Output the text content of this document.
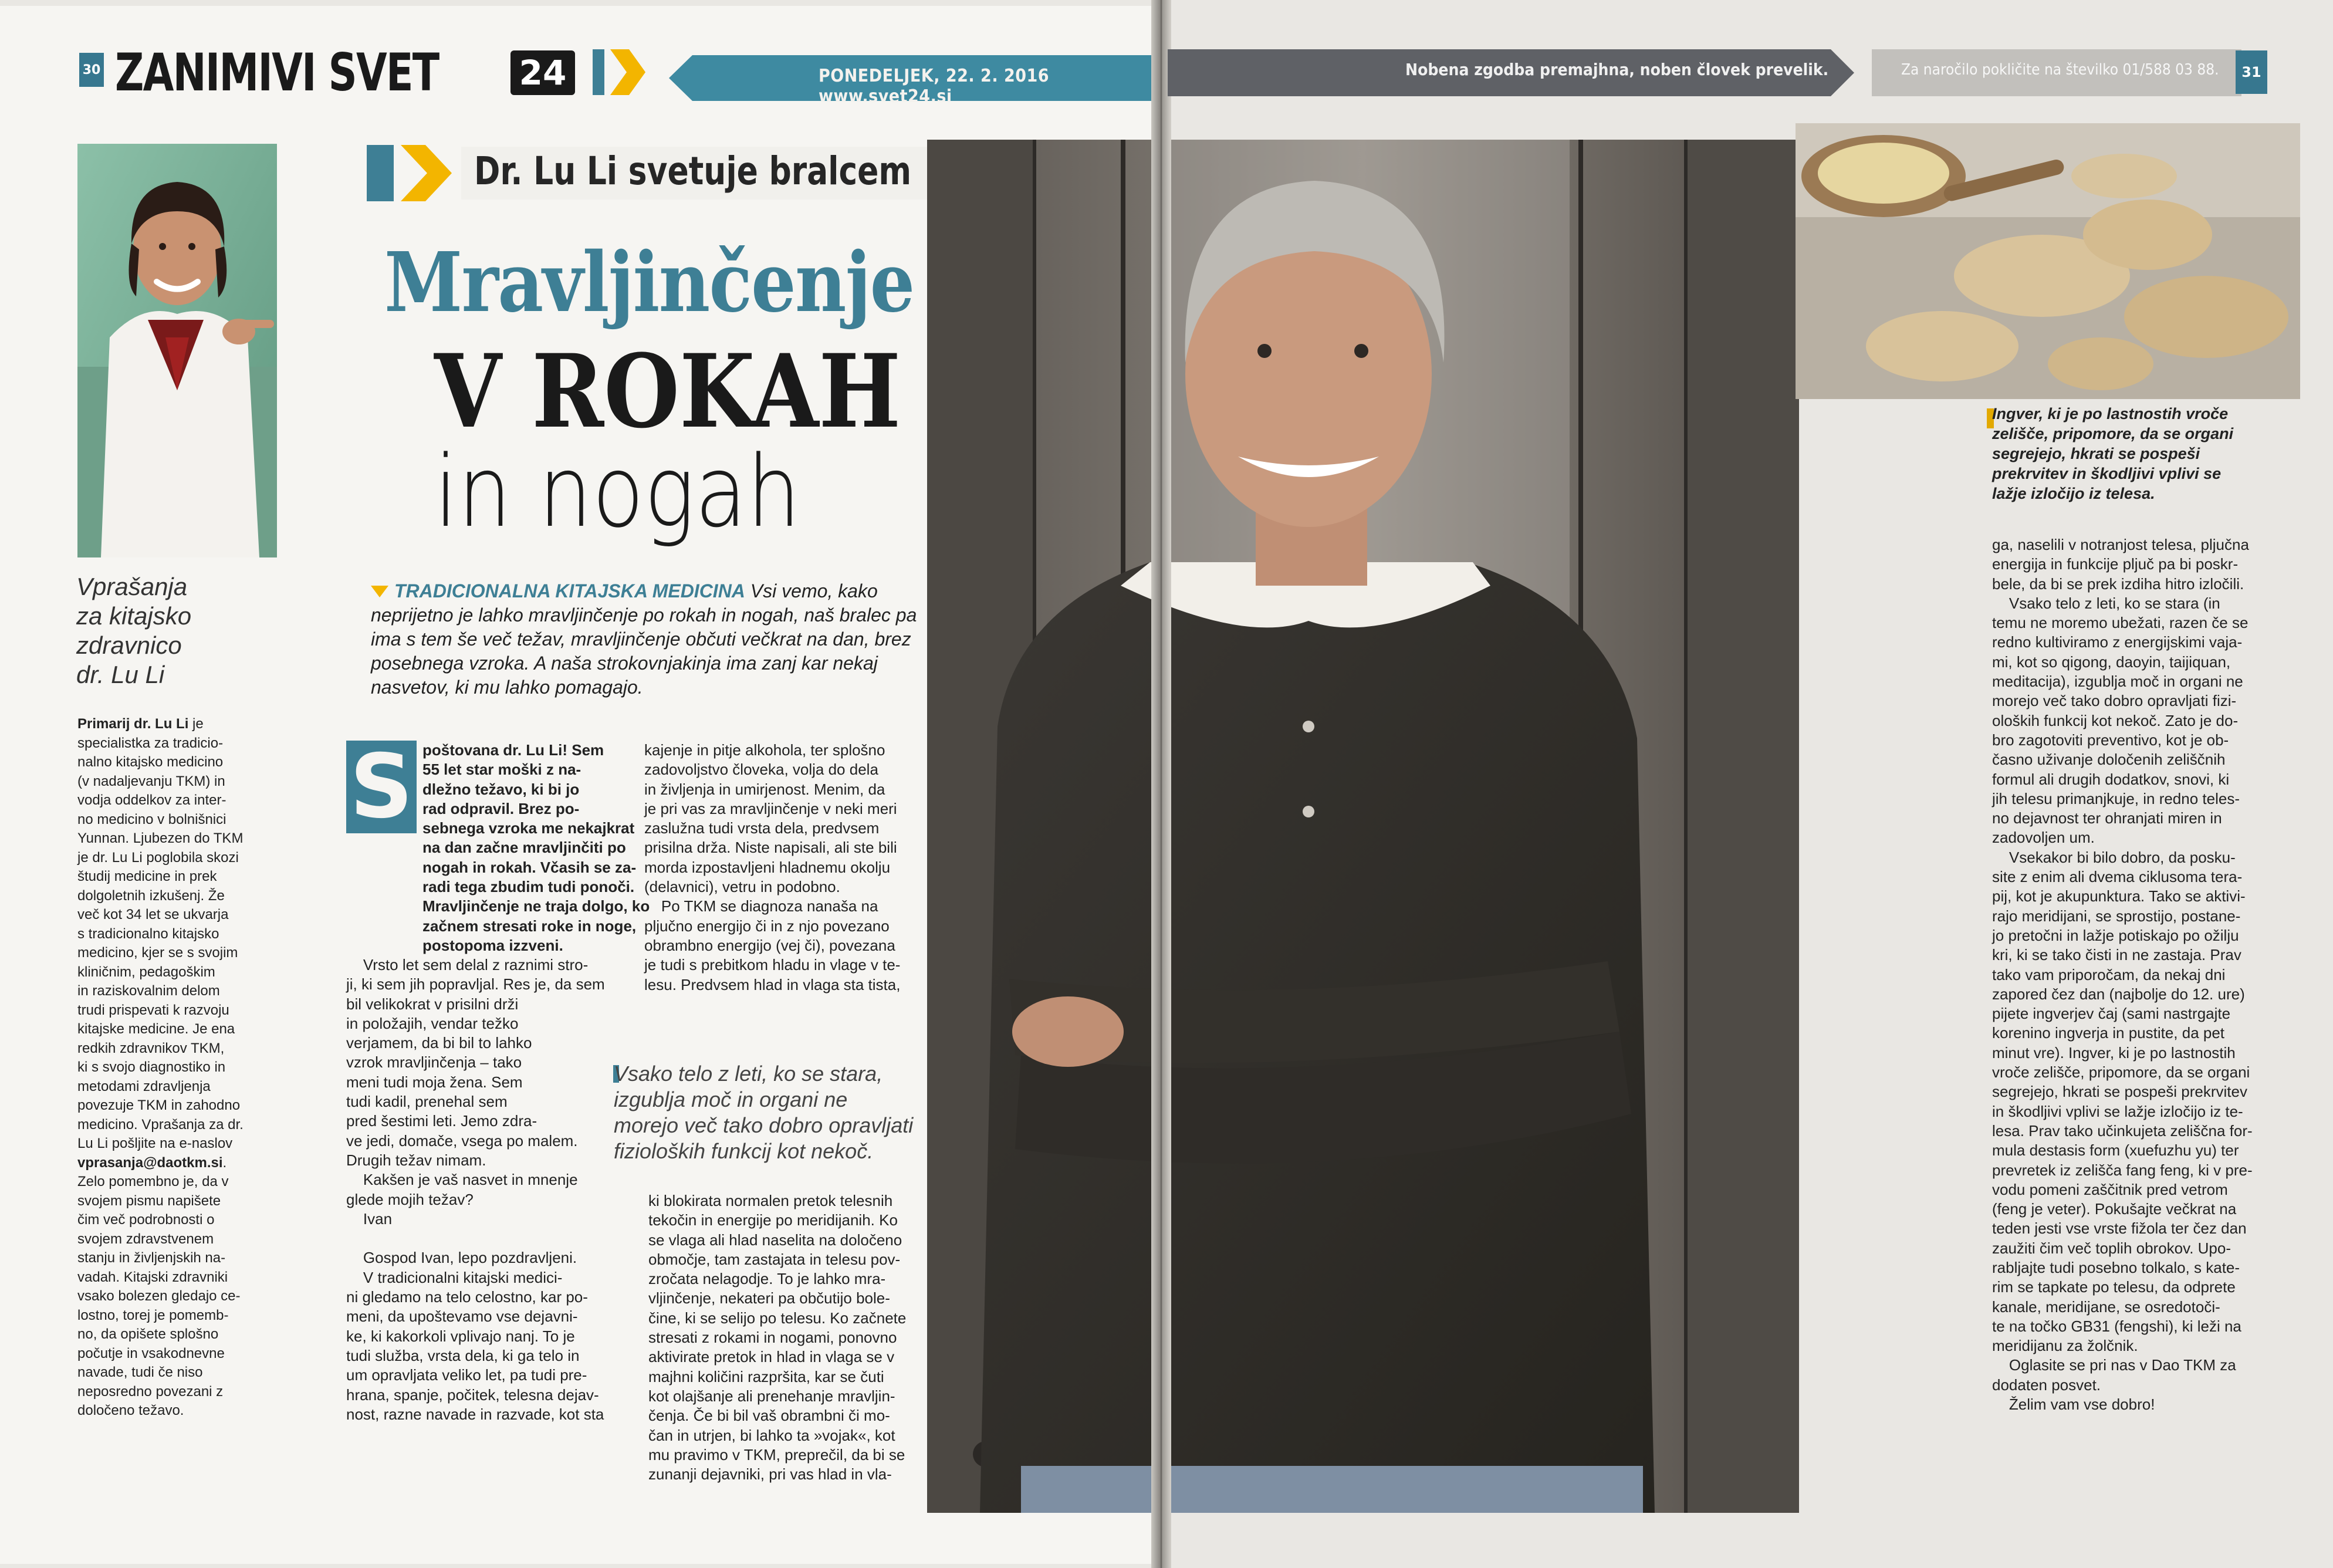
PONEDELJEK, 22. 2. 2016 www.svet24.si
30 ZANIMIVI SVET 24
Vprašanja
za kitajsko
zdravnico
dr. Lu Li
Primarij dr. Lu Li je
specialistka za tradicio-
nalno kitajsko medicino
(v nadaljevanju TKM) in
vodja oddelkov za inter-
no medicino v bolnišnici
Yunnan. Ljubezen do TKM
je dr. Lu Li poglobila skozi
študij medicine in prek
dolgoletnih izkušenj. Že
več kot 34 let se ukvarja
s tradicionalno kitajsko
medicino, kjer se s svojim
kliničnim, pedagoškim
in raziskovalnim delom
trudi prispevati k razvoju
kitajske medicine. Je ena
redkih zdravnikov TKM,
ki s svojo diagnostiko in
metodami zdravljenja
povezuje TKM in zahodno
medicino. Vprašanja za dr.
Lu Li pošljite na e-naslov
vprasanja@daotkm.si.
Zelo pomembno je, da v
svojem pismu napišete
čim več podrobnosti o
svojem zdravstvenem
stanju in življenjskih na-
vadah. Kitajski zdravniki
vsako bolezen gledajo ce-
lostno, torej je pomemb-
no, da opišete splošno
počutje in vsakodnevne
navade, tudi če niso
neposredno povezani z
določeno težavo.
Dr. Lu Li svetuje bralcem
Mravljinčenje
V ROKAH
in nogah
TRADICIONALNA KITAJSKA MEDICINA Vsi vemo, kako neprijetno je lahko mravljinčenje po rokah in nogah, naš bralec pa ima s tem še več težav, mravljinčenje občuti večkrat na dan, brez posebnega vzroka. A naša strokovnjakinja ima zanj kar nekaj nasvetov, ki mu lahko pomagajo.
S poštovana dr. Lu Li! Sem
55 let star moški z na-
dležno težavo, ki bi jo
rad odpravil. Brez po-
sebnega vzroka me nekajkrat
na dan začne mravljinčiti po
nogah in rokah. Včasih se za-
radi tega zbudim tudi ponoči.
Mravljinčenje ne traja dolgo, ko
začnem stresati roke in noge,
postopoma izzveni.
Vrsto let sem delal z raznimi stro-
ji, ki sem jih popravljal. Res je, da sem
bil velikokrat v prisilni drži
in položajih, vendar težko
verjamem, da bi bil to lahko
vzrok mravljinčenja – tako
meni tudi moja žena. Sem
tudi kadil, prenehal sem
pred šestimi leti. Jemo zdra-
ve jedi, domače, vsega po malem.
Drugih težav nimam.
Kakšen je vaš nasvet in mnenje
glede mojih težav?
Ivan

Gospod Ivan, lepo pozdravljeni.
V tradicionalni kitajski medici-
ni gledamo na telo celostno, kar po-
meni, da upoštevamo vse dejavni-
ke, ki kakorkoli vplivajo nanj. To je
tudi služba, vrsta dela, ki ga telo in
um opravljata veliko let, pa tudi pre-
hrana, spanje, počitek, telesna dejav-
nost, razne navade in razvade, kot sta
kajenje in pitje alkohola, ter splošno
zadovoljstvo človeka, volja do dela
in življenja in umirjenost. Menim, da
je pri vas za mravljinčenje v neki meri
zaslužna tudi vrsta dela, predvsem
prisilna drža. Niste napisali, ali ste bili
morda izpostavljeni hladnemu okolju
(delavnici), vetru in podobno.
Po TKM se diagnoza nanaša na
pljučno energijo či in z njo povezano
obrambno energijo (vej či), povezana
je tudi s prebitkom hladu in vlage v te-
lesu. Predvsem hlad in vlaga sta tista,
Vsako telo z leti, ko se stara,
izgublja moč in organi ne
morejo več tako dobro opravljati
fizioloških funkcij kot nekoč.
ki blokirata normalen pretok telesnih
tekočin in energije po meridijanih. Ko
se vlaga ali hlad naselita na določeno
območje, tam zastajata in telesu pov-
zročata nelagodje. To je lahko mra-
vljinčenje, nekateri pa občutijo bole-
čine, ki se selijo po telesu. Ko začnete
stresati z rokami in nogami, ponovno
aktivirate pretok in hlad in vlaga se v
majhni količini razpršita, kar se čuti
kot olajšanje ali prenehanje mravljin-
čenja. Če bi bil vaš obrambni či mo-
čan in utrjen, bi lahko ta »vojak«, kot
mu pravimo v TKM, preprečil, da bi se
zunanji dejavniki, pri vas hlad in vla-
Nobena zgodba premajhna, noben človek prevelik.	Za naročilo pokličite na številko 01/588 03 88.	31
Ingver, ki je po lastnostih vroče
zelišče, pripomore, da se organi
segrejejo, hkrati se pospeši
prekrvitev in škodljivi vplivi se
lažje izločijo iz telesa.
ga, naselili v notranjost telesa, pljučna
energija in funkcije pljuč pa bi poskr-
bele, da bi se prek izdiha hitro izločili.
Vsako telo z leti, ko se stara (in
temu ne moremo ubežati, razen če se
redno kultiviramo z energijskimi vaja-
mi, kot so qigong, daoyin, taijiquan,
meditacija), izgublja moč in organi ne
morejo več tako dobro opravljati fizi-
oloških funkcij kot nekoč. Zato je do-
bro zagotoviti preventivo, kot je ob-
časno uživanje določenih zeliščnih
formul ali drugih dodatkov, snovi, ki
jih telesu primanjkuje, in redno teles-
no dejavnost ter ohranjati miren in
zadovoljen um.
Vsekakor bi bilo dobro, da posku-
site z enim ali dvema ciklusoma tera-
pij, kot je akupunktura. Tako se aktivi-
rajo meridijani, se sprostijo, postane-
jo pretočni in lažje potiskajo po ožilju
kri, ki se tako čisti in ne zastaja. Prav
tako vam priporočam, da nekaj dni
zapored čez dan (najbolje do 12. ure)
pijete ingverjev čaj (sami nastrgajte
korenino ingverja in pustite, da pet
minut vre). Ingver, ki je po lastnostih
vroče zelišče, pripomore, da se organi
segrejejo, hkrati se pospeši prekrvitev
in škodljivi vplivi se lažje izločijo iz te-
lesa. Prav tako učinkujeta zeliščna for-
mula destasis form (xuefuzhu yu) ter
prevretek iz zelišča fang feng, ki v pre-
vodu pomeni zaščitnik pred vetrom
(feng je veter). Pokušajte večkrat na
teden jesti vse vrste fižola ter čez dan
zaužiti čim več toplih obrokov. Upo-
rabljajte tudi posebno tolkalo, s kate-
rim se tapkate po telesu, da odprete
kanale, meridijane, se osredotoči-
te na točko GB31 (fengshi), ki leži na
meridijanu za žolčnik.
Oglasite se pri nas v Dao TKM za
dodaten posvet.
Želim vam vse dobro!
